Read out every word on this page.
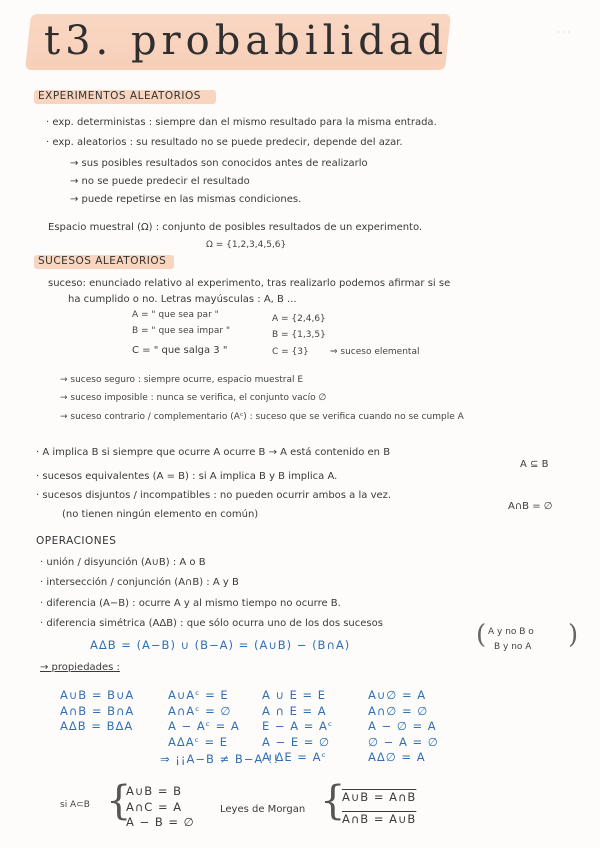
t3. probabilidad	· · ·
EXPERIMENTOS ALEATORIOS
· exp. deterministas : siempre dan el mismo resultado para la misma entrada.
· exp. aleatorios : su resultado no se puede predecir, depende del azar.
→ sus posibles resultados son conocidos antes de realizarlo
→ no se puede predecir el resultado
→ puede repetirse en las mismas condiciones.
Espacio muestral (Ω) : conjunto de posibles resultados de un experimento.
Ω = {1,2,3,4,5,6}
SUCESOS ALEATORIOS
suceso: enunciado relativo al experimento, tras realizarlo podemos afirmar si se
ha cumplido o no. Letras mayúsculas : A, B ...
A = " que sea par "
B = " que sea impar "
C = " que salga 3 "
A = {2,4,6}
B = {1,3,5}
C = {3} ⇒ suceso elemental
→ suceso seguro : siempre ocurre, espacio muestral E
→ suceso imposible : nunca se verifica, el conjunto vacío ∅
→ suceso contrario / complementario (Aᶜ) : suceso que se verifica cuando no se cumple A
· A implica B si siempre que ocurre A ocurre B → A está contenido en B
A ⊆ B
· sucesos equivalentes (A = B) : si A implica B y B implica A.
· sucesos disjuntos / incompatibles : no pueden ocurrir ambos a la vez.
A∩B = ∅
(no tienen ningún elemento en común)
OPERACIONES
· unión / disyunción (A∪B) : A o B
· intersección / conjunción (A∩B) : A y B
· diferencia (A−B) : ocurre A y al mismo tiempo no ocurre B.
· diferencia simétrica (AΔB) : que sólo ocurra uno de los dos sucesos	( A y no B o
B y no A )
AΔB = (A−B) ∪ (B−A) = (A∪B) − (B∩A)
→ propiedades :
A∪B = B∪A
A∩B = B∩A
AΔB = BΔA
A∪Aᶜ = E
A∩Aᶜ = ∅
A − Aᶜ = A
AΔAᶜ = E
⇒ ¡¡A−B ≠ B−A !!
A ∪ E = E
A ∩ E = A
E − A = Aᶜ
A − E = ∅
A ΔE = Aᶜ
A∪∅ = A
A∩∅ = ∅
A − ∅ = A
∅ − A = ∅
AΔ∅ = A
si A⊂B {
A∪B = B
A∩C = A
A − B = ∅
Leyes de Morgan {
A∪B = A∩B
A∩B = A∪B
